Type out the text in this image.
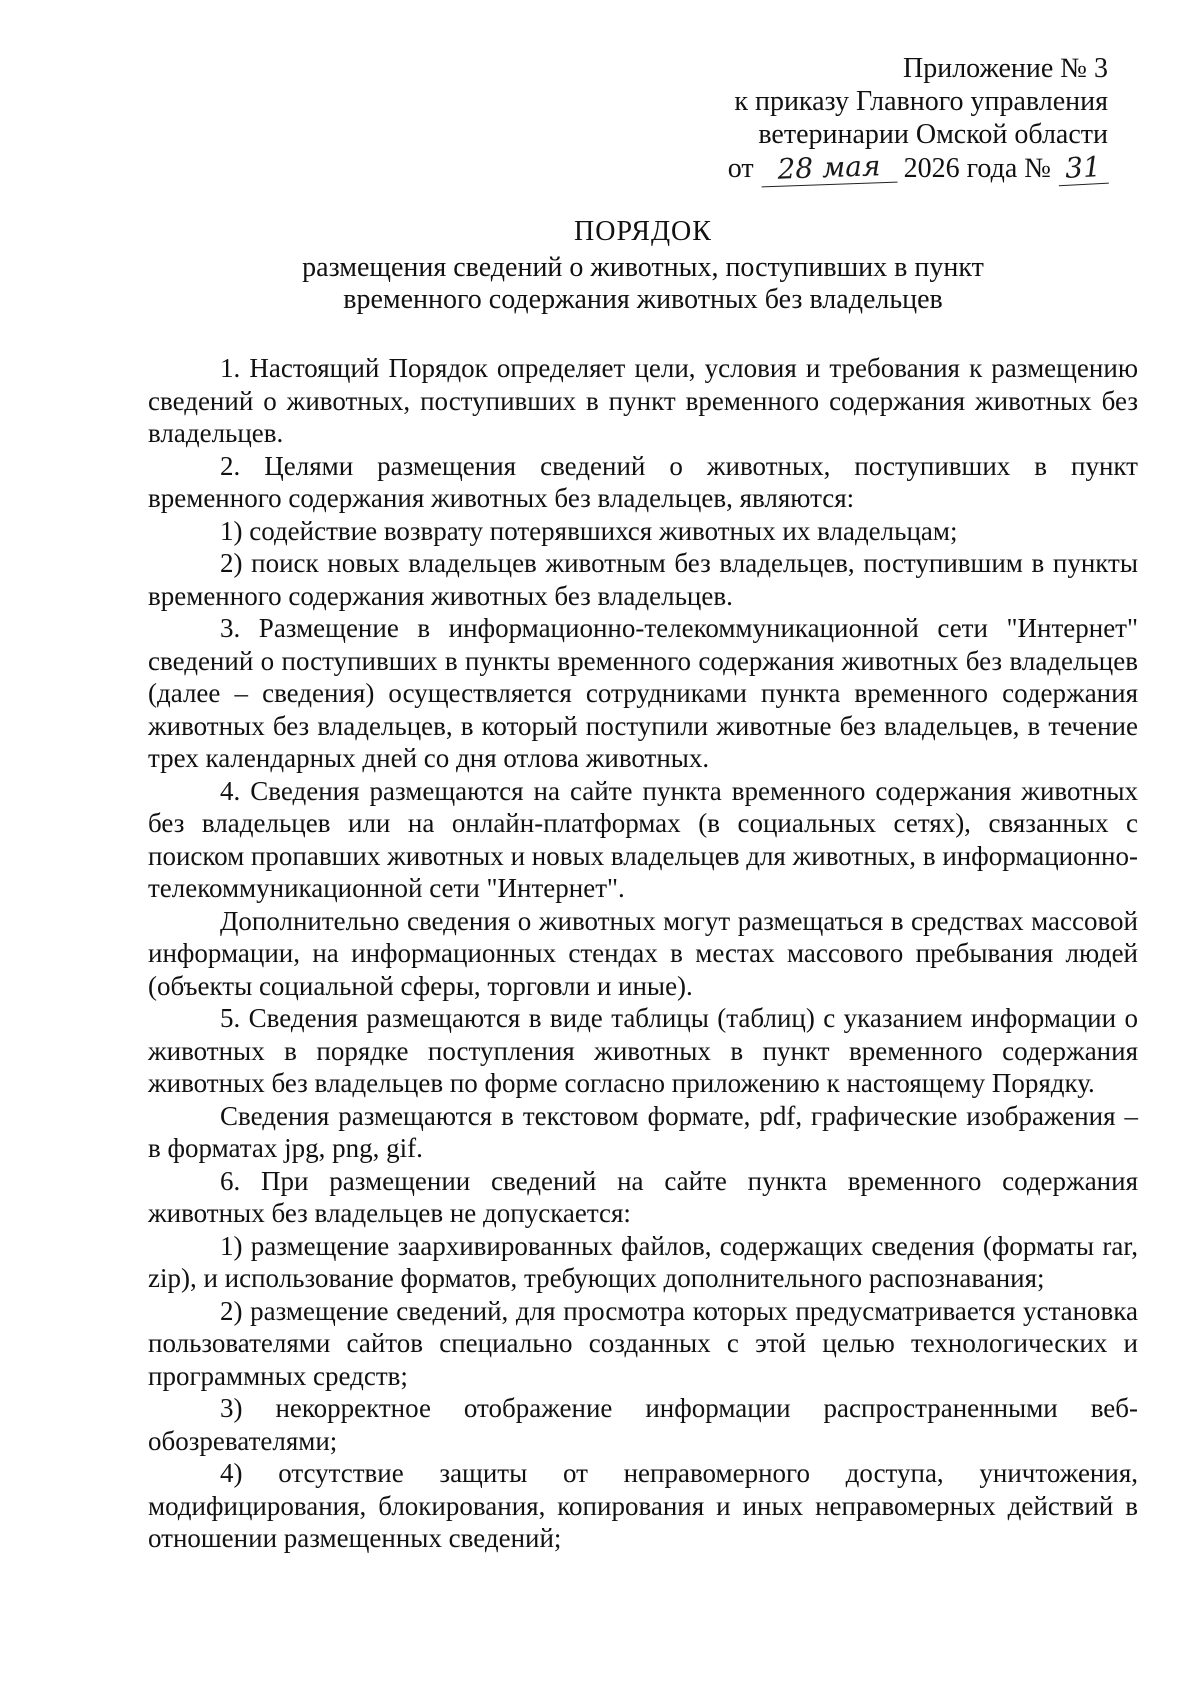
Приложение № 3
к приказу Главного управления
ветеринарии Омской области
от 28 мая 2026 года № 31
ПОРЯДОК
размещения сведений о животных, поступивших в пункт
временного содержания животных без владельцев

1. Настоящий Порядок определяет цели, условия и требования к размещению сведений о животных, поступивших в пункт временного содержания животных без владельцев.

2. Целями размещения сведений о животных, поступивших в пункт временного содержания животных без владельцев, являются:

1) содействие возврату потерявшихся животных их владельцам;

2) поиск новых владельцев животным без владельцев, поступившим в пункты временного содержания животных без владельцев.

3. Размещение в информационно-телекоммуникационной сети "Интернет" сведений о поступивших в пункты временного содержания животных без владельцев (далее – сведения) осуществляется сотрудниками пункта временного содержания животных без владельцев, в который поступили животные без владельцев, в течение трех календарных дней со дня отлова животных.

4. Сведения размещаются на сайте пункта временного содержания животных без владельцев или на онлайн-платформах (в социальных сетях), связанных с поиском пропавших животных и новых владельцев для животных, в информационно-телекоммуникационной сети "Интернет".

Дополнительно сведения о животных могут размещаться в средствах массовой информации, на информационных стендах в местах массового пребывания людей (объекты социальной сферы, торговли и иные).

5. Сведения размещаются в виде таблицы (таблиц) с указанием информации о животных в порядке поступления животных в пункт временного содержания животных без владельцев по форме согласно приложению к настоящему Порядку.

Сведения размещаются в текстовом формате, pdf, графические изображения – в форматах jpg, png, gif.

6. При размещении сведений на сайте пункта временного содержания животных без владельцев не допускается:

1) размещение заархивированных файлов, содержащих сведения (форматы rar, zip), и использование форматов, требующих дополнительного распознавания;

2) размещение сведений, для просмотра которых предусматривается установка пользователями сайтов специально созданных с этой целью технологических и программных средств;

3) некорректное отображение информации распространенными веб-обозревателями;

4) отсутствие защиты от неправомерного доступа, уничтожения, модифицирования, блокирования, копирования и иных неправомерных действий в отношении размещенных сведений;
